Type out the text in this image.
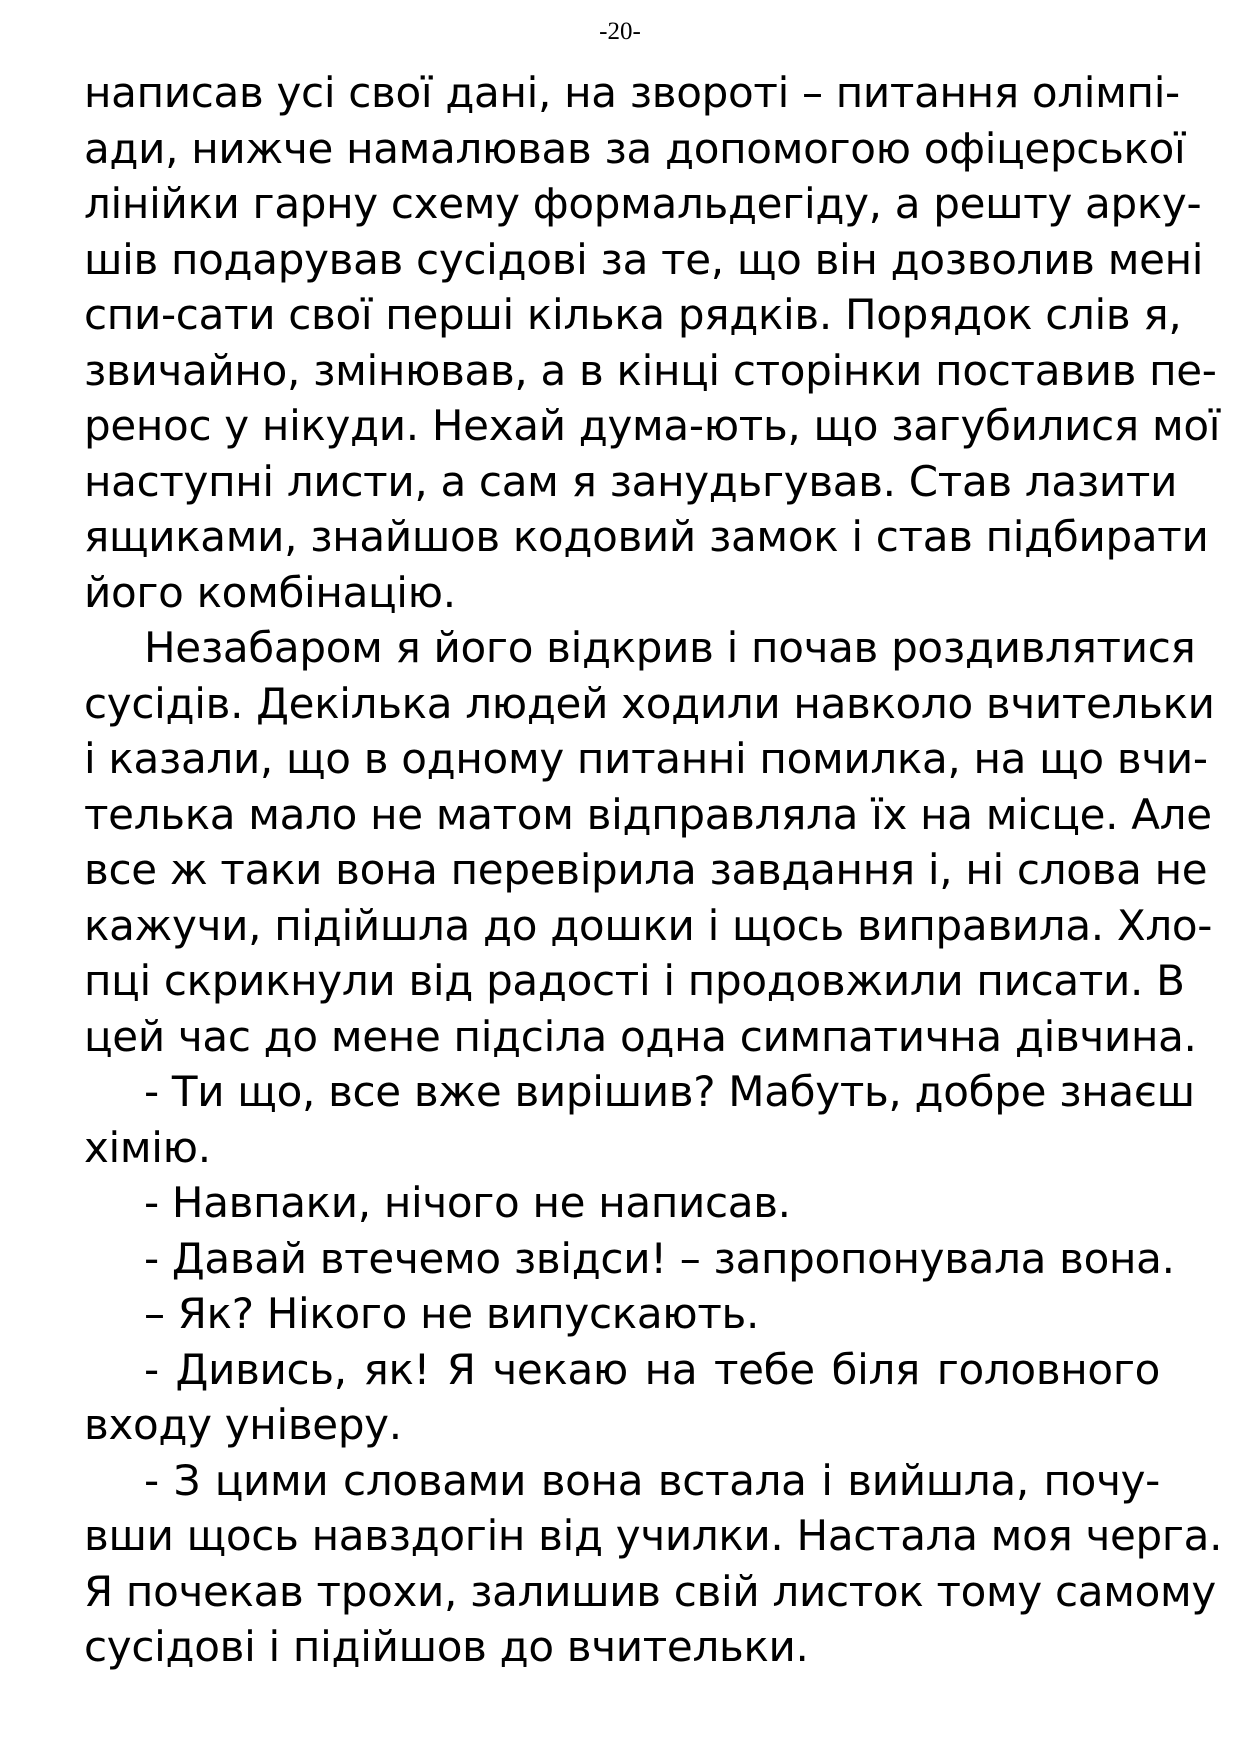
-20-
написав усі свої дані, на звороті – питання олімпі-
ади, нижче намалював за допомогою офіцерської
лінійки гарну схему формальдегіду, а решту арку-
шів подарував сусідові за те, що він дозволив мені
спи-сати свої перші кілька рядків. Порядок слів я,
звичайно, змінював, а в кінці сторінки поставив пе-
ренос у нікуди. Нехай дума-ють, що загубилися мої
наступні листи, а сам я занудьгував. Став лазити
ящиками, знайшов кодовий замок і став підбирати
його комбінацію.
Незабаром я його відкрив і почав роздивлятися
сусідів. Декілька людей ходили навколо вчительки
і казали, що в одному питанні помилка, на що вчи-
телька мало не матом відправляла їх на місце. Але
все ж таки вона перевірила завдання і, ні слова не
кажучи, підійшла до дошки і щось виправила. Хло-
пці скрикнули від радості і продовжили писати. В
цей час до мене підсіла одна симпатична дівчина.
- Ти що, все вже вирішив? Мабуть, добре знаєш
хімію.
- Навпаки, нічого не написав.
- Давай втечемо звідси! – запропонувала вона.
– Як? Нікого не випускають.
- Дивись, як! Я чекаю на тебе біля головного
входу універу.
- З цими словами вона встала і вийшла, почу-
вши щось навздогін від училки. Настала моя черга.
Я почекав трохи, залишив свій листок тому самому
сусідові і підійшов до вчительки.
